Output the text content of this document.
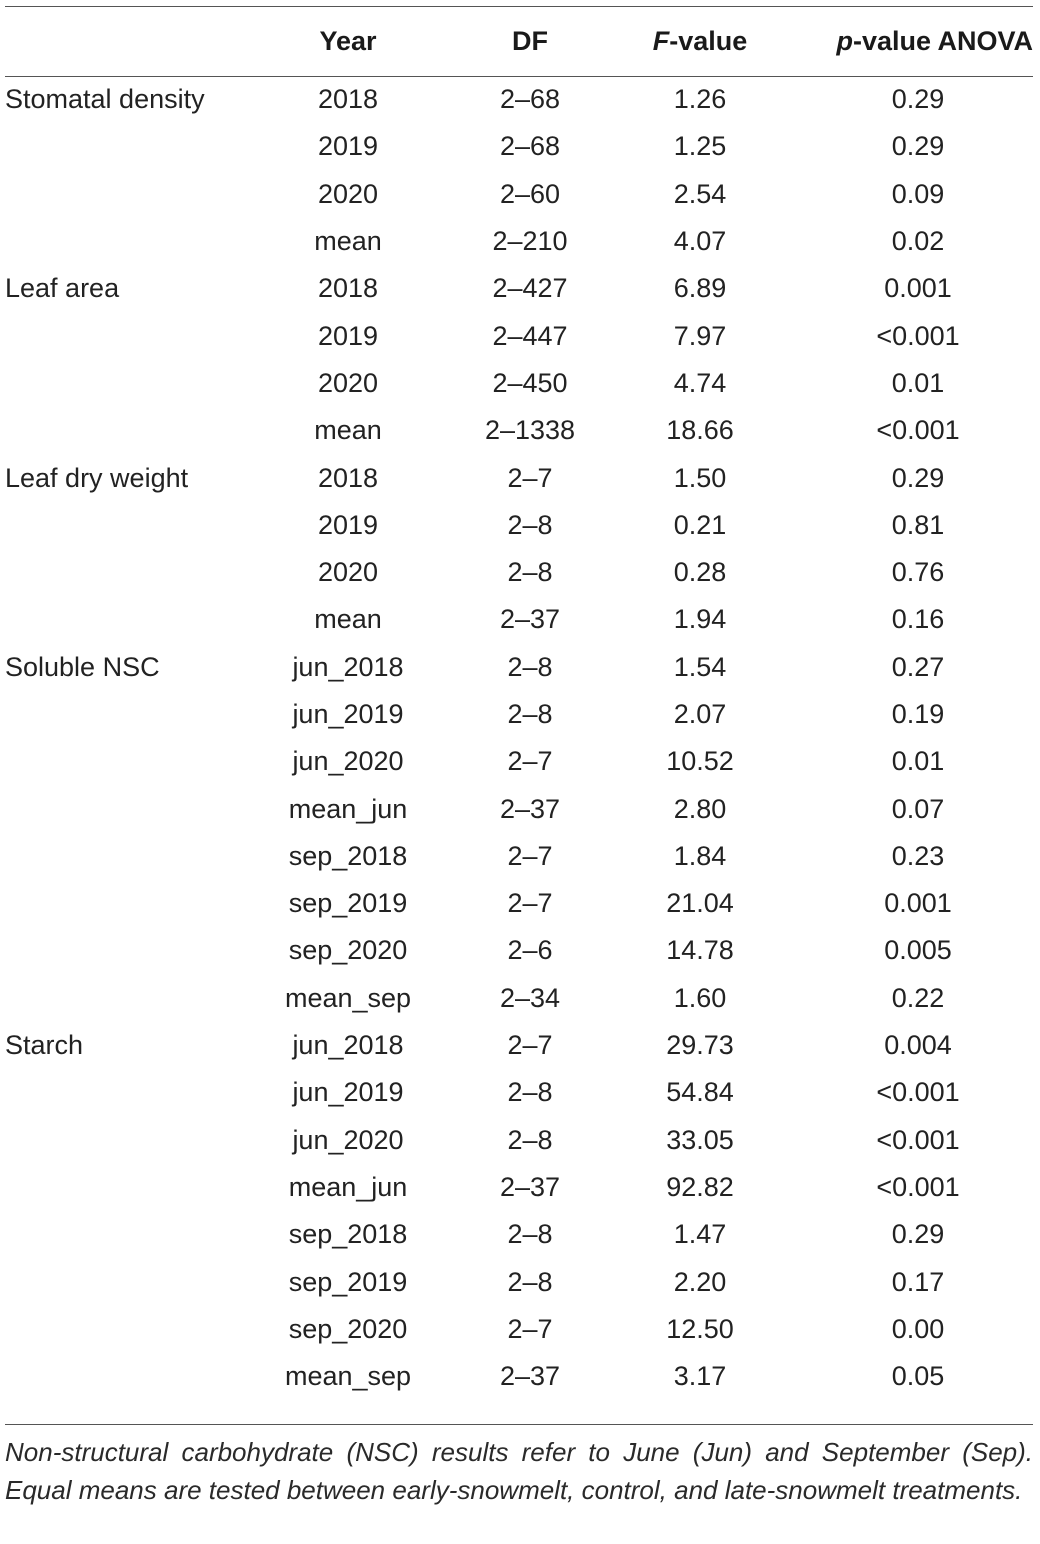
	Year	DF	F-value	p-value ANOVA
Stomatal density	2018	2–68	1.26	0.29
	2019	2–68	1.25	0.29
	2020	2–60	2.54	0.09
	mean	2–210	4.07	0.02
Leaf area	2018	2–427	6.89	0.001
	2019	2–447	7.97	<0.001
	2020	2–450	4.74	0.01
	mean	2–1338	18.66	<0.001
Leaf dry weight	2018	2–7	1.50	0.29
	2019	2–8	0.21	0.81
	2020	2–8	0.28	0.76
	mean	2–37	1.94	0.16
Soluble NSC	jun_2018	2–8	1.54	0.27
	jun_2019	2–8	2.07	0.19
	jun_2020	2–7	10.52	0.01
	mean_jun	2–37	2.80	0.07
	sep_2018	2–7	1.84	0.23
	sep_2019	2–7	21.04	0.001
	sep_2020	2–6	14.78	0.005
	mean_sep	2–34	1.60	0.22
Starch	jun_2018	2–7	29.73	0.004
	jun_2019	2–8	54.84	<0.001
	jun_2020	2–8	33.05	<0.001
	mean_jun	2–37	92.82	<0.001
	sep_2018	2–8	1.47	0.29
	sep_2019	2–8	2.20	0.17
	sep_2020	2–7	12.50	0.00
	mean_sep	2–37	3.17	0.05
Non-structural carbohydrate (NSC) results refer to June (Jun) and September (Sep). Equal means are tested between early-snowmelt, control, and late-snowmelt treatments.
